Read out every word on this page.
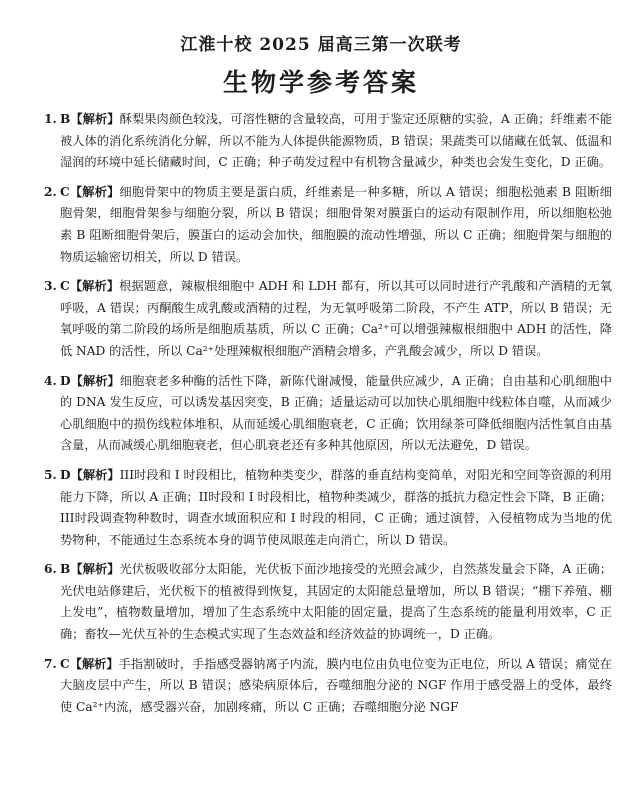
江淮十校 2025 届高三第一次联考
生物学参考答案
1. B【解析】酥梨果肉颜色较浅，可溶性糖的含量较高，可用于鉴定还原糖的实验，A 正确；纤维素不能被人体的消化系统消化分解，所以不能为人体提供能源物质，B 错误；果蔬类可以储藏在低氧、低温和湿润的环境中延长储藏时间，C 正确；种子萌发过程中有机物含量减少，种类也会发生变化，D 正确。
2. C【解析】细胞骨架中的物质主要是蛋白质，纤维素是一种多糖，所以 A 错误；细胞松弛素 B 阻断细胞骨架，细胞骨架参与细胞分裂，所以 B 错误；细胞骨架对膜蛋白的运动有限制作用，所以细胞松弛素 B 阻断细胞骨架后，膜蛋白的运动会加快，细胞膜的流动性增强，所以 C 正确；细胞骨架与细胞的物质运输密切相关，所以 D 错误。
3. C【解析】根据题意，辣椒根细胞中 ADH 和 LDH 都有，所以其可以同时进行产乳酸和产酒精的无氧呼吸，A 错误；丙酮酸生成乳酸或酒精的过程，为无氧呼吸第二阶段，不产生 ATP，所以 B 错误；无氧呼吸的第二阶段的场所是细胞质基质，所以 C 正确；Ca²⁺可以增强辣椒根细胞中 ADH 的活性，降低 NAD 的活性，所以 Ca²⁺处理辣椒根细胞产酒精会增多，产乳酸会减少，所以 D 错误。
4. D【解析】细胞衰老多种酶的活性下降，新陈代谢减慢，能量供应减少，A 正确；自由基和心肌细胞中的 DNA 发生反应，可以诱发基因突变，B 正确；适量运动可以加快心肌细胞中线粒体自噬，从而减少心肌细胞中的损伤线粒体堆积，从而延缓心肌细胞衰老，C 正确；饮用绿茶可降低细胞内活性氧自由基含量，从而减缓心肌细胞衰老，但心肌衰老还有多种其他原因，所以无法避免，D 错误。
5. D【解析】III时段和 I 时段相比，植物种类变少，群落的垂直结构变简单，对阳光和空间等资源的利用能力下降，所以 A 正确；II时段和 I 时段相比，植物种类减少，群落的抵抗力稳定性会下降，B 正确；III时段调查物种数时，调查水域面积应和 I 时段的相同，C 正确；通过演替，入侵植物成为当地的优势物种，不能通过生态系统本身的调节使凤眼莲走向消亡，所以 D 错误。
6. B【解析】光伏板吸收部分太阳能，光伏板下面沙地接受的光照会减少，自然蒸发量会下降，A 正确；光伏电站修建后，光伏板下的植被得到恢复，其固定的太阳能总量增加，所以 B 错误；“棚下养殖、棚上发电”，植物数量增加，增加了生态系统中太阳能的固定量，提高了生态系统的能量利用效率，C 正确；畜牧—光伏互补的生态模式实现了生态效益和经济效益的协调统一，D 正确。
7. C【解析】手指割破时，手指感受器钠离子内流，膜内电位由负电位变为正电位，所以 A 错误；痛觉在大脑皮层中产生，所以 B 错误；感染病原体后，吞噬细胞分泌的 NGF 作用于感受器上的受体，最终使 Ca²⁺内流，感受器兴奋，加剧疼痛，所以 C 正确；吞噬细胞分泌 NGF
